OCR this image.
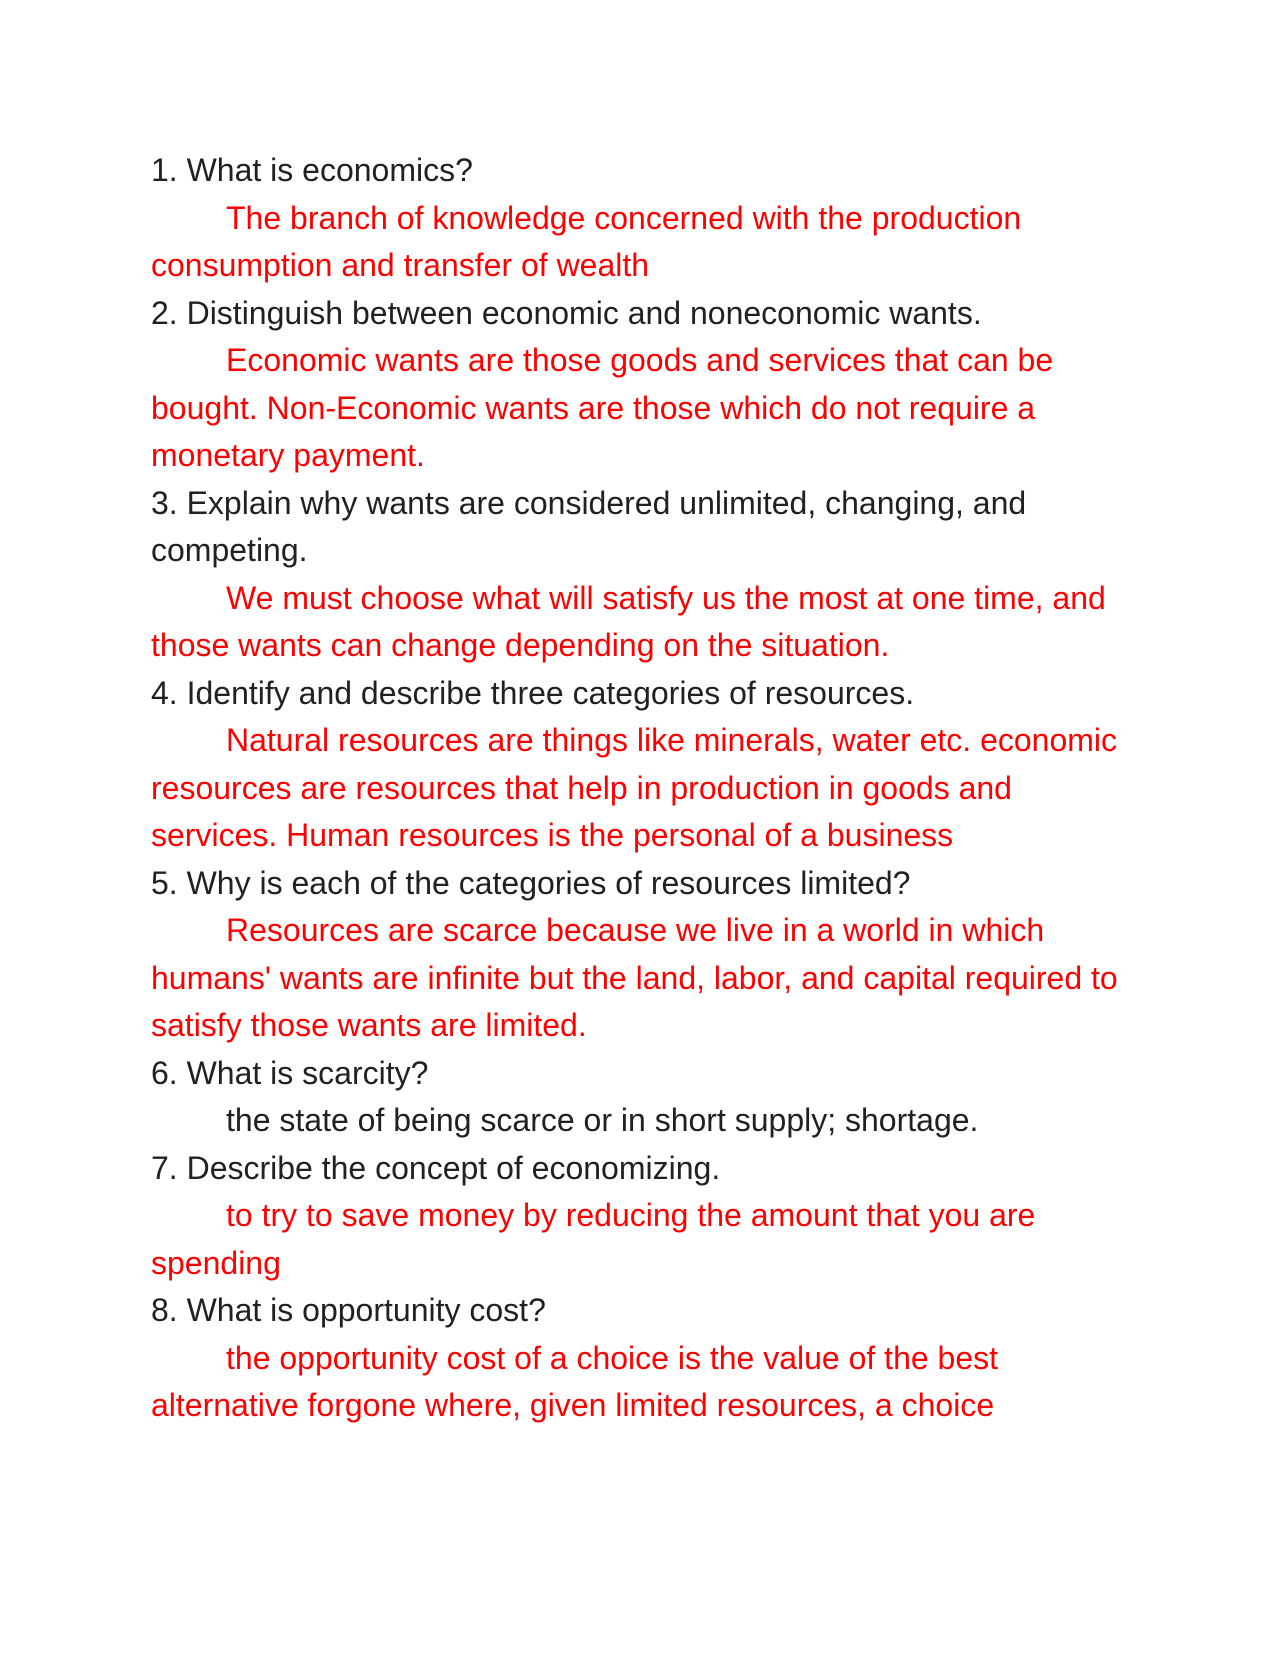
1. What is economics?

The branch of knowledge concerned with the production consumption and transfer of wealth

2. Distinguish between economic and noneconomic wants.

Economic wants are those goods and services that can be bought. Non-Economic wants are those which do not require a monetary payment.

3. Explain why wants are considered unlimited, changing, and competing.

We must choose what will satisfy us the most at one time, and those wants can change depending on the situation.

4. Identify and describe three categories of resources.

Natural resources are things like minerals, water etc. economic resources are resources that help in production in goods and services. Human resources is the personal of a business

5. Why is each of the categories of resources limited?

Resources are scarce because we live in a world in which humans' wants are infinite but the land, labor, and capital required to satisfy those wants are limited.

6. What is scarcity?

the state of being scarce or in short supply; shortage.

7. Describe the concept of economizing.

to try to save money by reducing the amount that you are spending

8. What is opportunity cost?

the opportunity cost of a choice is the value of the best alternative forgone where, given limited resources, a choice
